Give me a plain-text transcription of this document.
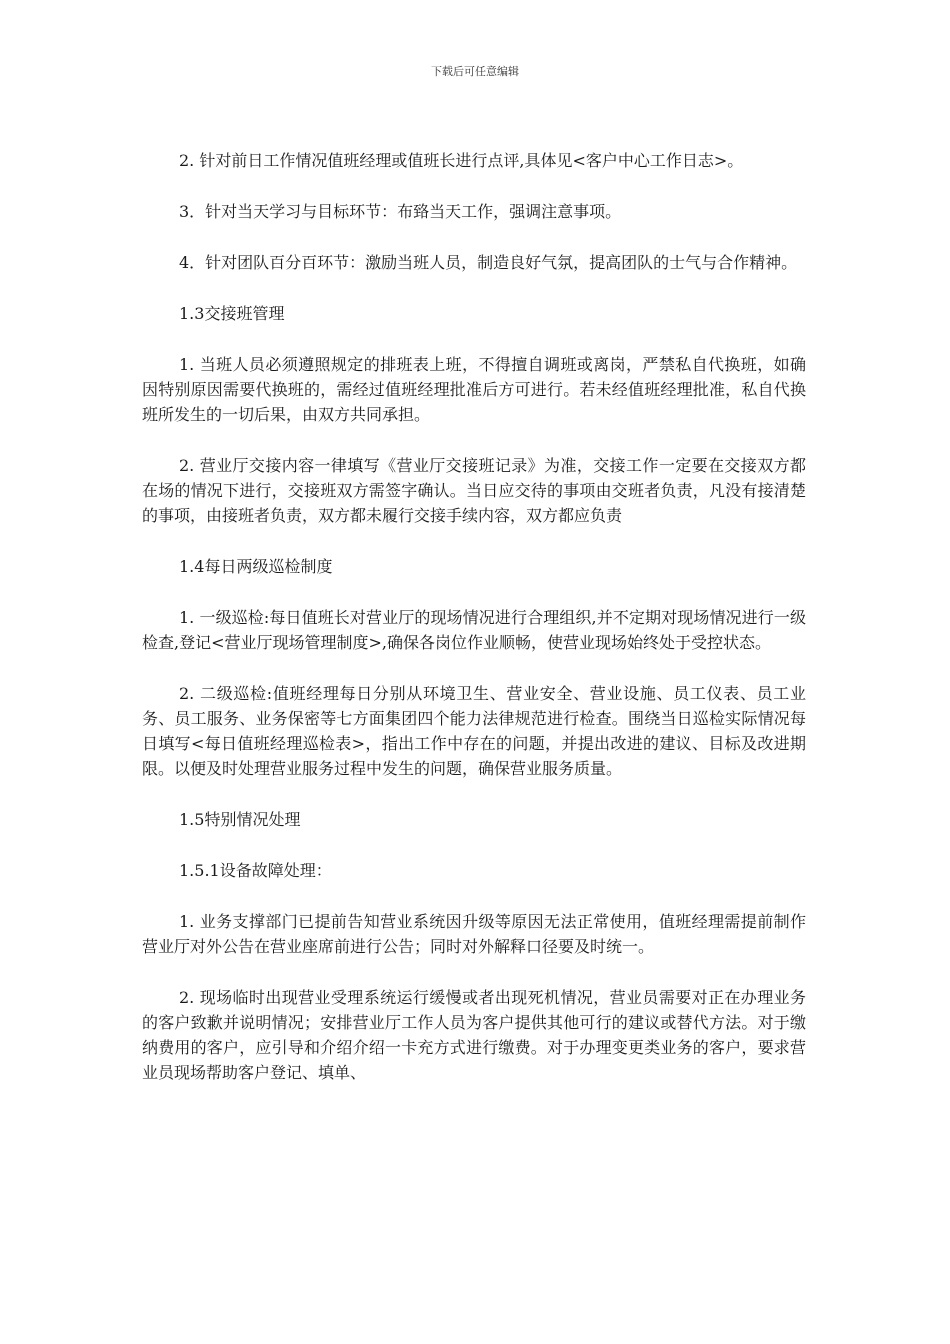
下载后可任意编辑

2. 针对前日工作情况值班经理或值班长进行点评,具体见<客户中心工作日志>。

3．针对当天学习与目标环节：布臵当天工作，强调注意事项。

4．针对团队百分百环节：激励当班人员，制造良好气氛，提高团队的士气与合作精神。

1.3交接班管理

1. 当班人员必须遵照规定的排班表上班，不得擅自调班或离岗，严禁私自代换班，如确因特别原因需要代换班的，需经过值班经理批准后方可进行。若未经值班经理批准，私自代换班所发生的一切后果，由双方共同承担。

2. 营业厅交接内容一律填写《营业厅交接班记录》为准，交接工作一定要在交接双方都在场的情况下进行，交接班双方需签字确认。当日应交待的事项由交班者负责，凡没有接清楚的事项，由接班者负责，双方都未履行交接手续内容，双方都应负责

1.4每日两级巡检制度

1. 一级巡检:每日值班长对营业厅的现场情况进行合理组织,并不定期对现场情况进行一级检查,登记<营业厅现场管理制度>,确保各岗位作业顺畅，使营业现场始终处于受控状态。

2. 二级巡检:值班经理每日分别从环境卫生、营业安全、营业设施、员工仪表、员工业务、员工服务、业务保密等七方面集团四个能力法律规范进行检查。围绕当日巡检实际情况每日填写<每日值班经理巡检表>，指出工作中存在的问题，并提出改进的建议、目标及改进期限。以便及时处理营业服务过程中发生的问题，确保营业服务质量。

1.5特别情况处理

1.5.1设备故障处理：

1. 业务支撑部门已提前告知营业系统因升级等原因无法正常使用，值班经理需提前制作营业厅对外公告在营业座席前进行公告；同时对外解释口径要及时统一。

2. 现场临时出现营业受理系统运行缓慢或者出现死机情况，营业员需要对正在办理业务的客户致歉并说明情况；安排营业厅工作人员为客户提供其他可行的建议或替代方法。对于缴纳费用的客户，应引导和介绍介绍一卡充方式进行缴费。对于办理变更类业务的客户，要求营业员现场帮助客户登记、填单、
